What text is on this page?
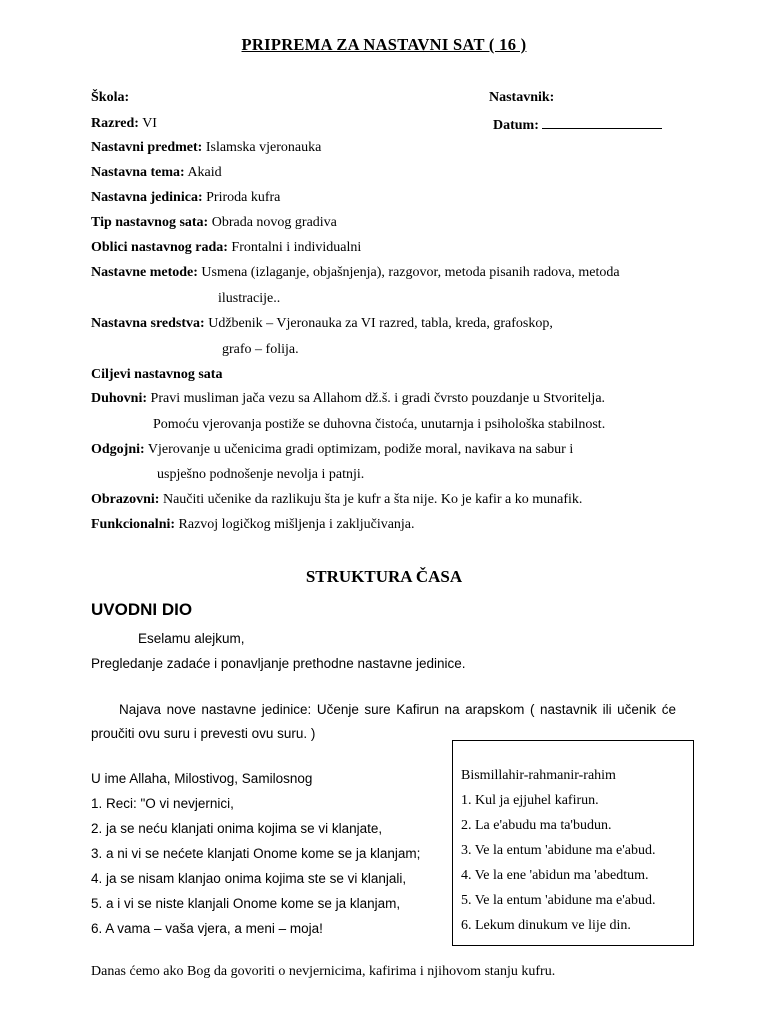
PRIPREMA ZA NASTAVNI SAT ( 16 )
Škola:	Nastavnik:
Razred: VI	Datum:
Nastavni predmet: Islamska vjeronauka
Nastavna tema: Akaid
Nastavna jedinica: Priroda kufra
Tip nastavnog sata: Obrada novog gradiva
Oblici nastavnog rada: Frontalni i individualni
Nastavne metode: Usmena (izlaganje, objašnjenja), razgovor, metoda pisanih radova, metoda
ilustracije..
Nastavna sredstva: Udžbenik – Vjeronauka za VI razred, tabla, kreda, grafoskop,
grafo – folija.
Ciljevi nastavnog sata
Duhovni: Pravi musliman jača vezu sa Allahom dž.š. i gradi čvrsto pouzdanje u Stvoritelja.
Pomoću vjerovanja postiže se duhovna čistoća, unutarnja i psihološka stabilnost.
Odgojni: Vjerovanje u učenicima gradi optimizam, podiže moral, navikava na sabur i
uspješno podnošenje nevolja i patnji.
Obrazovni: Naučiti učenike da razlikuju šta je kufr a šta nije. Ko je kafir a ko munafik.
Funkcionalni: Razvoj logičkog mišljenja i zaključivanja.
STRUKTURA ČASA
UVODNI DIO
Eselamu alejkum,
Pregledanje zadaće i ponavljanje prethodne nastavne jedinice.
Najava nove nastavne jedinice: Učenje sure Kafirun na arapskom ( nastavnik ili učenik će proučiti ovu suru i prevesti ovu suru. )
U ime Allaha, Milostivog, Samilosnog
1. Reci: "O vi nevjernici,
2. ja se neću klanjati onima kojima se vi klanjate,
3. a ni vi se nećete klanjati Onome kome se ja klanjam;
4. ja se nisam klanjao onima kojima ste se vi klanjali,
5. a i vi se niste klanjali Onome kome se ja klanjam,
6. A vama – vaša vjera, a meni – moja!
Bismillahir-rahmanir-rahim
1. Kul ja ejjuhel kafirun.
2. La e'abudu ma ta'budun.
3. Ve la entum 'abidune ma e'abud.
4. Ve la ene 'abidun ma 'abedtum.
5. Ve la entum 'abidune ma e'abud.
6. Lekum dinukum ve lije din.
Danas ćemo ako Bog da govoriti o nevjernicima, kafirima i njihovom stanju kufru.
